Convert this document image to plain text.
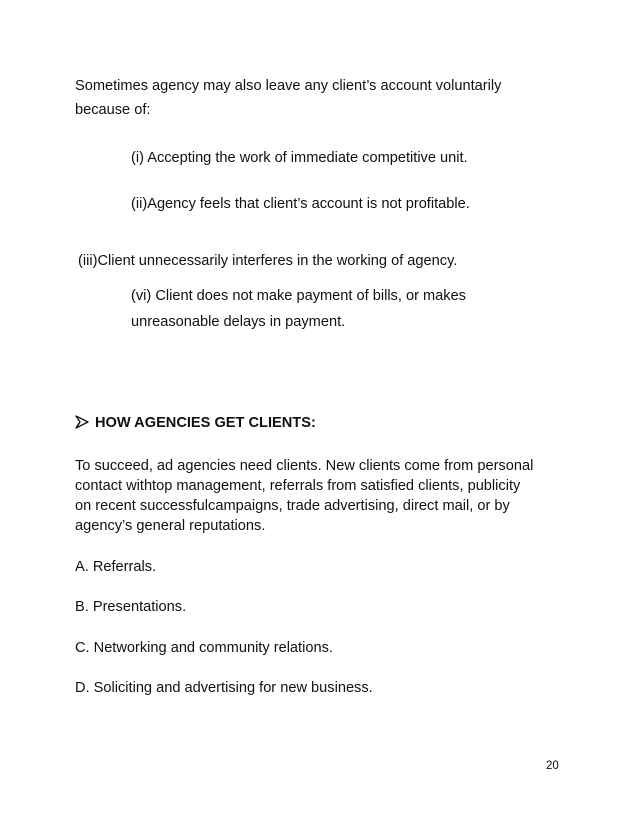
Sometimes agency may also leave any client’s account voluntarily
because of:
(i) Accepting the work of immediate competitive unit.
(ii)Agency feels that client’s account is not profitable.
(iii)Client unnecessarily interferes in the working of agency.
(vi) Client does not make payment of bills, or makes
unreasonable delays in payment.
HOW AGENCIES GET CLIENTS:
To succeed, ad agencies need clients. New clients come from personal
contact withtop management, referrals from satisfied clients, publicity
on recent successfulcampaigns, trade advertising, direct mail, or by
agency’s general reputations.
A. Referrals.
B. Presentations.
C. Networking and community relations.
D. Soliciting and advertising for new business.
20
